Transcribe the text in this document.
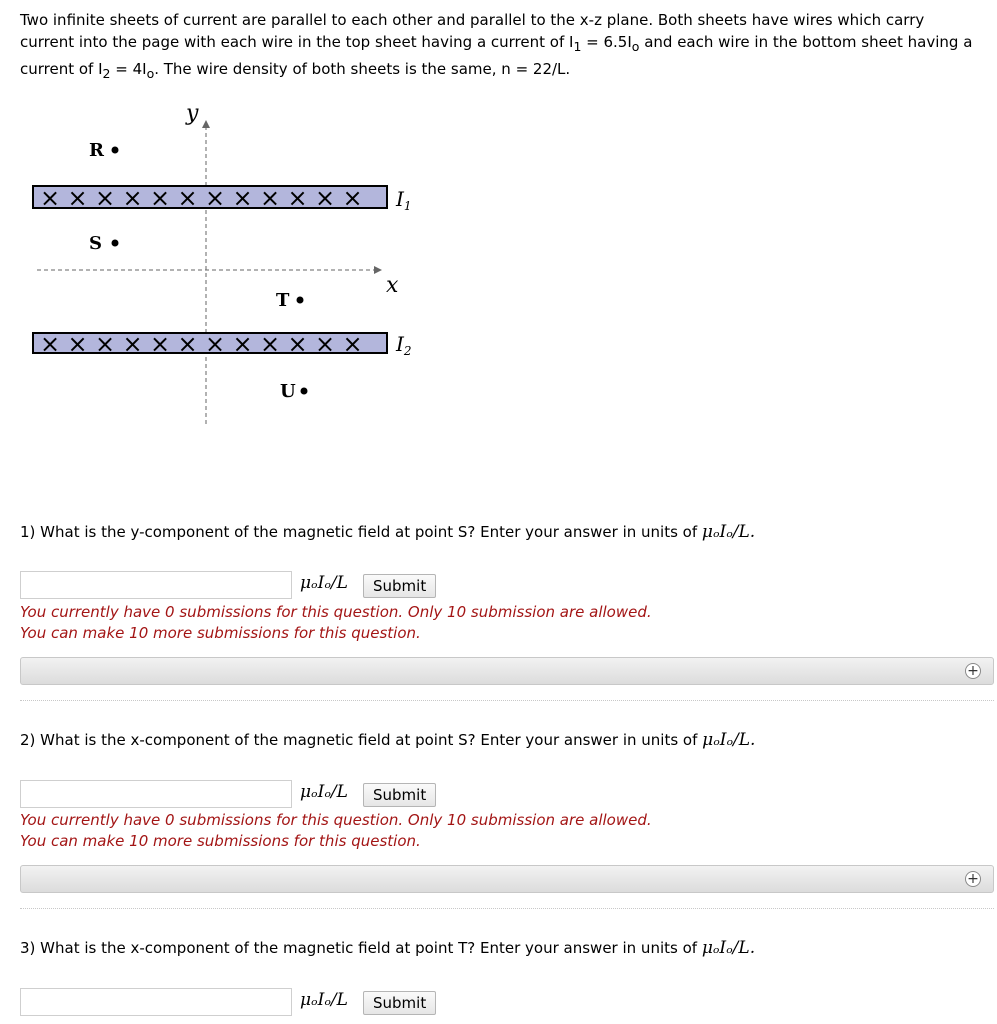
Two infinite sheets of current are parallel to each other and parallel to the x-z plane. Both sheets have wires which carry current into the page with each wire in the top sheet having a current of $I_1 = 6.5I_o$ and each wire in the bottom sheet having a current of $I_2 = 4I_o$. The wire density of both sheets is the same, n = 22/L.
y
x
× × × × × × × × × × × × $I_1$
× × × × × × × × × × × × $I_2$
R
S
T
U
1) What is the y-component of the magnetic field at point S? Enter your answer in units of μₒIₒ/L.
μₒIₒ/L	Submit
You currently have 0 submissions for this question. Only 10 submission are allowed.
You can make 10 more submissions for this question.
+
2) What is the x-component of the magnetic field at point S? Enter your answer in units of μₒIₒ/L.
μₒIₒ/L	Submit
You currently have 0 submissions for this question. Only 10 submission are allowed.
You can make 10 more submissions for this question.
+
3) What is the x-component of the magnetic field at point T? Enter your answer in units of μₒIₒ/L.
μₒIₒ/L	Submit
